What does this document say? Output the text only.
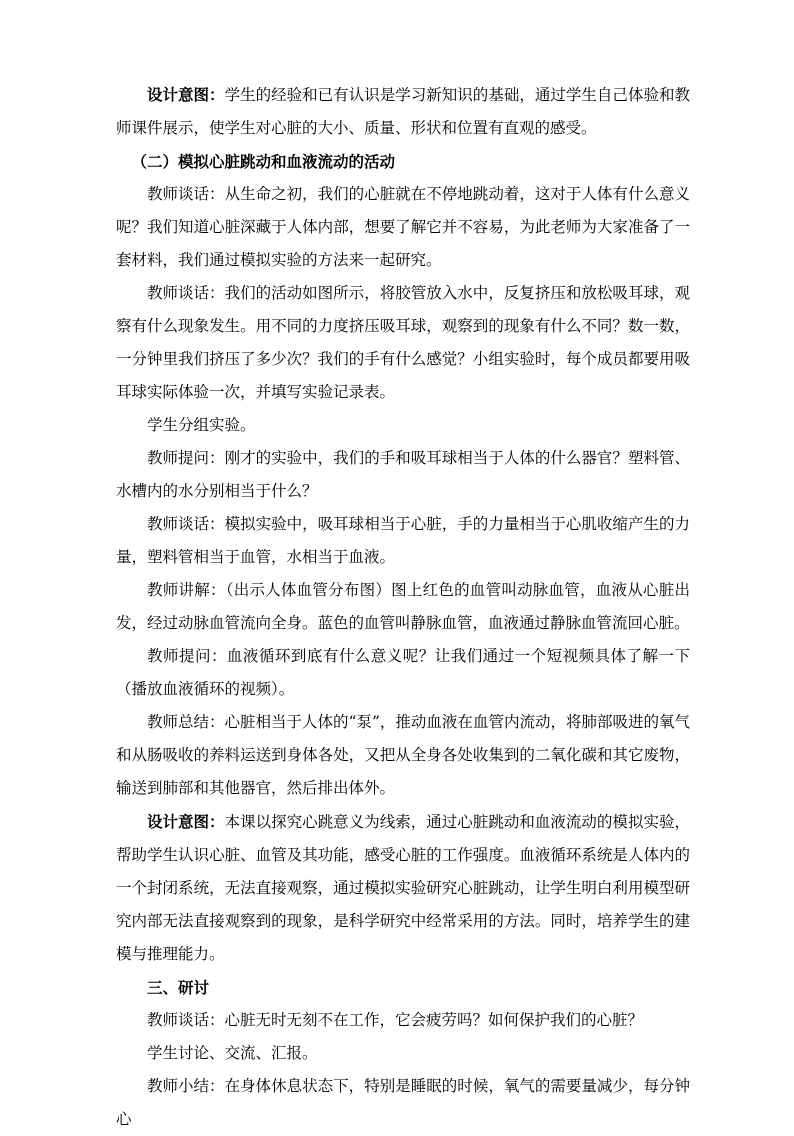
设计意图：学生的经验和已有认识是学习新知识的基础，通过学生自己体验和教师课件展示，使学生对心脏的大小、质量、形状和位置有直观的感受。

（二）模拟心脏跳动和血液流动的活动

教师谈话：从生命之初，我们的心脏就在不停地跳动着，这对于人体有什么意义呢？我们知道心脏深藏于人体内部，想要了解它并不容易，为此老师为大家准备了一套材料，我们通过模拟实验的方法来一起研究。

教师谈话：我们的活动如图所示，将胶管放入水中，反复挤压和放松吸耳球，观察有什么现象发生。用不同的力度挤压吸耳球，观察到的现象有什么不同？数一数，一分钟里我们挤压了多少次？我们的手有什么感觉？小组实验时，每个成员都要用吸耳球实际体验一次，并填写实验记录表。

学生分组实验。

教师提问：刚才的实验中，我们的手和吸耳球相当于人体的什么器官？塑料管、水槽内的水分别相当于什么？

教师谈话：模拟实验中，吸耳球相当于心脏，手的力量相当于心肌收缩产生的力量，塑料管相当于血管，水相当于血液。

教师讲解：（出示人体血管分布图）图上红色的血管叫动脉血管，血液从心脏出发，经过动脉血管流向全身。蓝色的血管叫静脉血管，血液通过静脉血管流回心脏。

教师提问：血液循环到底有什么意义呢？让我们通过一个短视频具体了解一下（播放血液循环的视频）。

教师总结：心脏相当于人体的“泵”，推动血液在血管内流动，将肺部吸进的氧气和从肠吸收的养料运送到身体各处，又把从全身各处收集到的二氧化碳和其它废物，输送到肺部和其他器官，然后排出体外。

设计意图：本课以探究心跳意义为线索，通过心脏跳动和血液流动的模拟实验，帮助学生认识心脏、血管及其功能，感受心脏的工作强度。血液循环系统是人体内的一个封闭系统，无法直接观察，通过模拟实验研究心脏跳动，让学生明白利用模型研究内部无法直接观察到的现象，是科学研究中经常采用的方法。同时，培养学生的建模与推理能力。

三、研讨

教师谈话：心脏无时无刻不在工作，它会疲劳吗？如何保护我们的心脏？

学生讨论、交流、汇报。

教师小结：在身体休息状态下，特别是睡眠的时候，氧气的需要量减少，每分钟心
